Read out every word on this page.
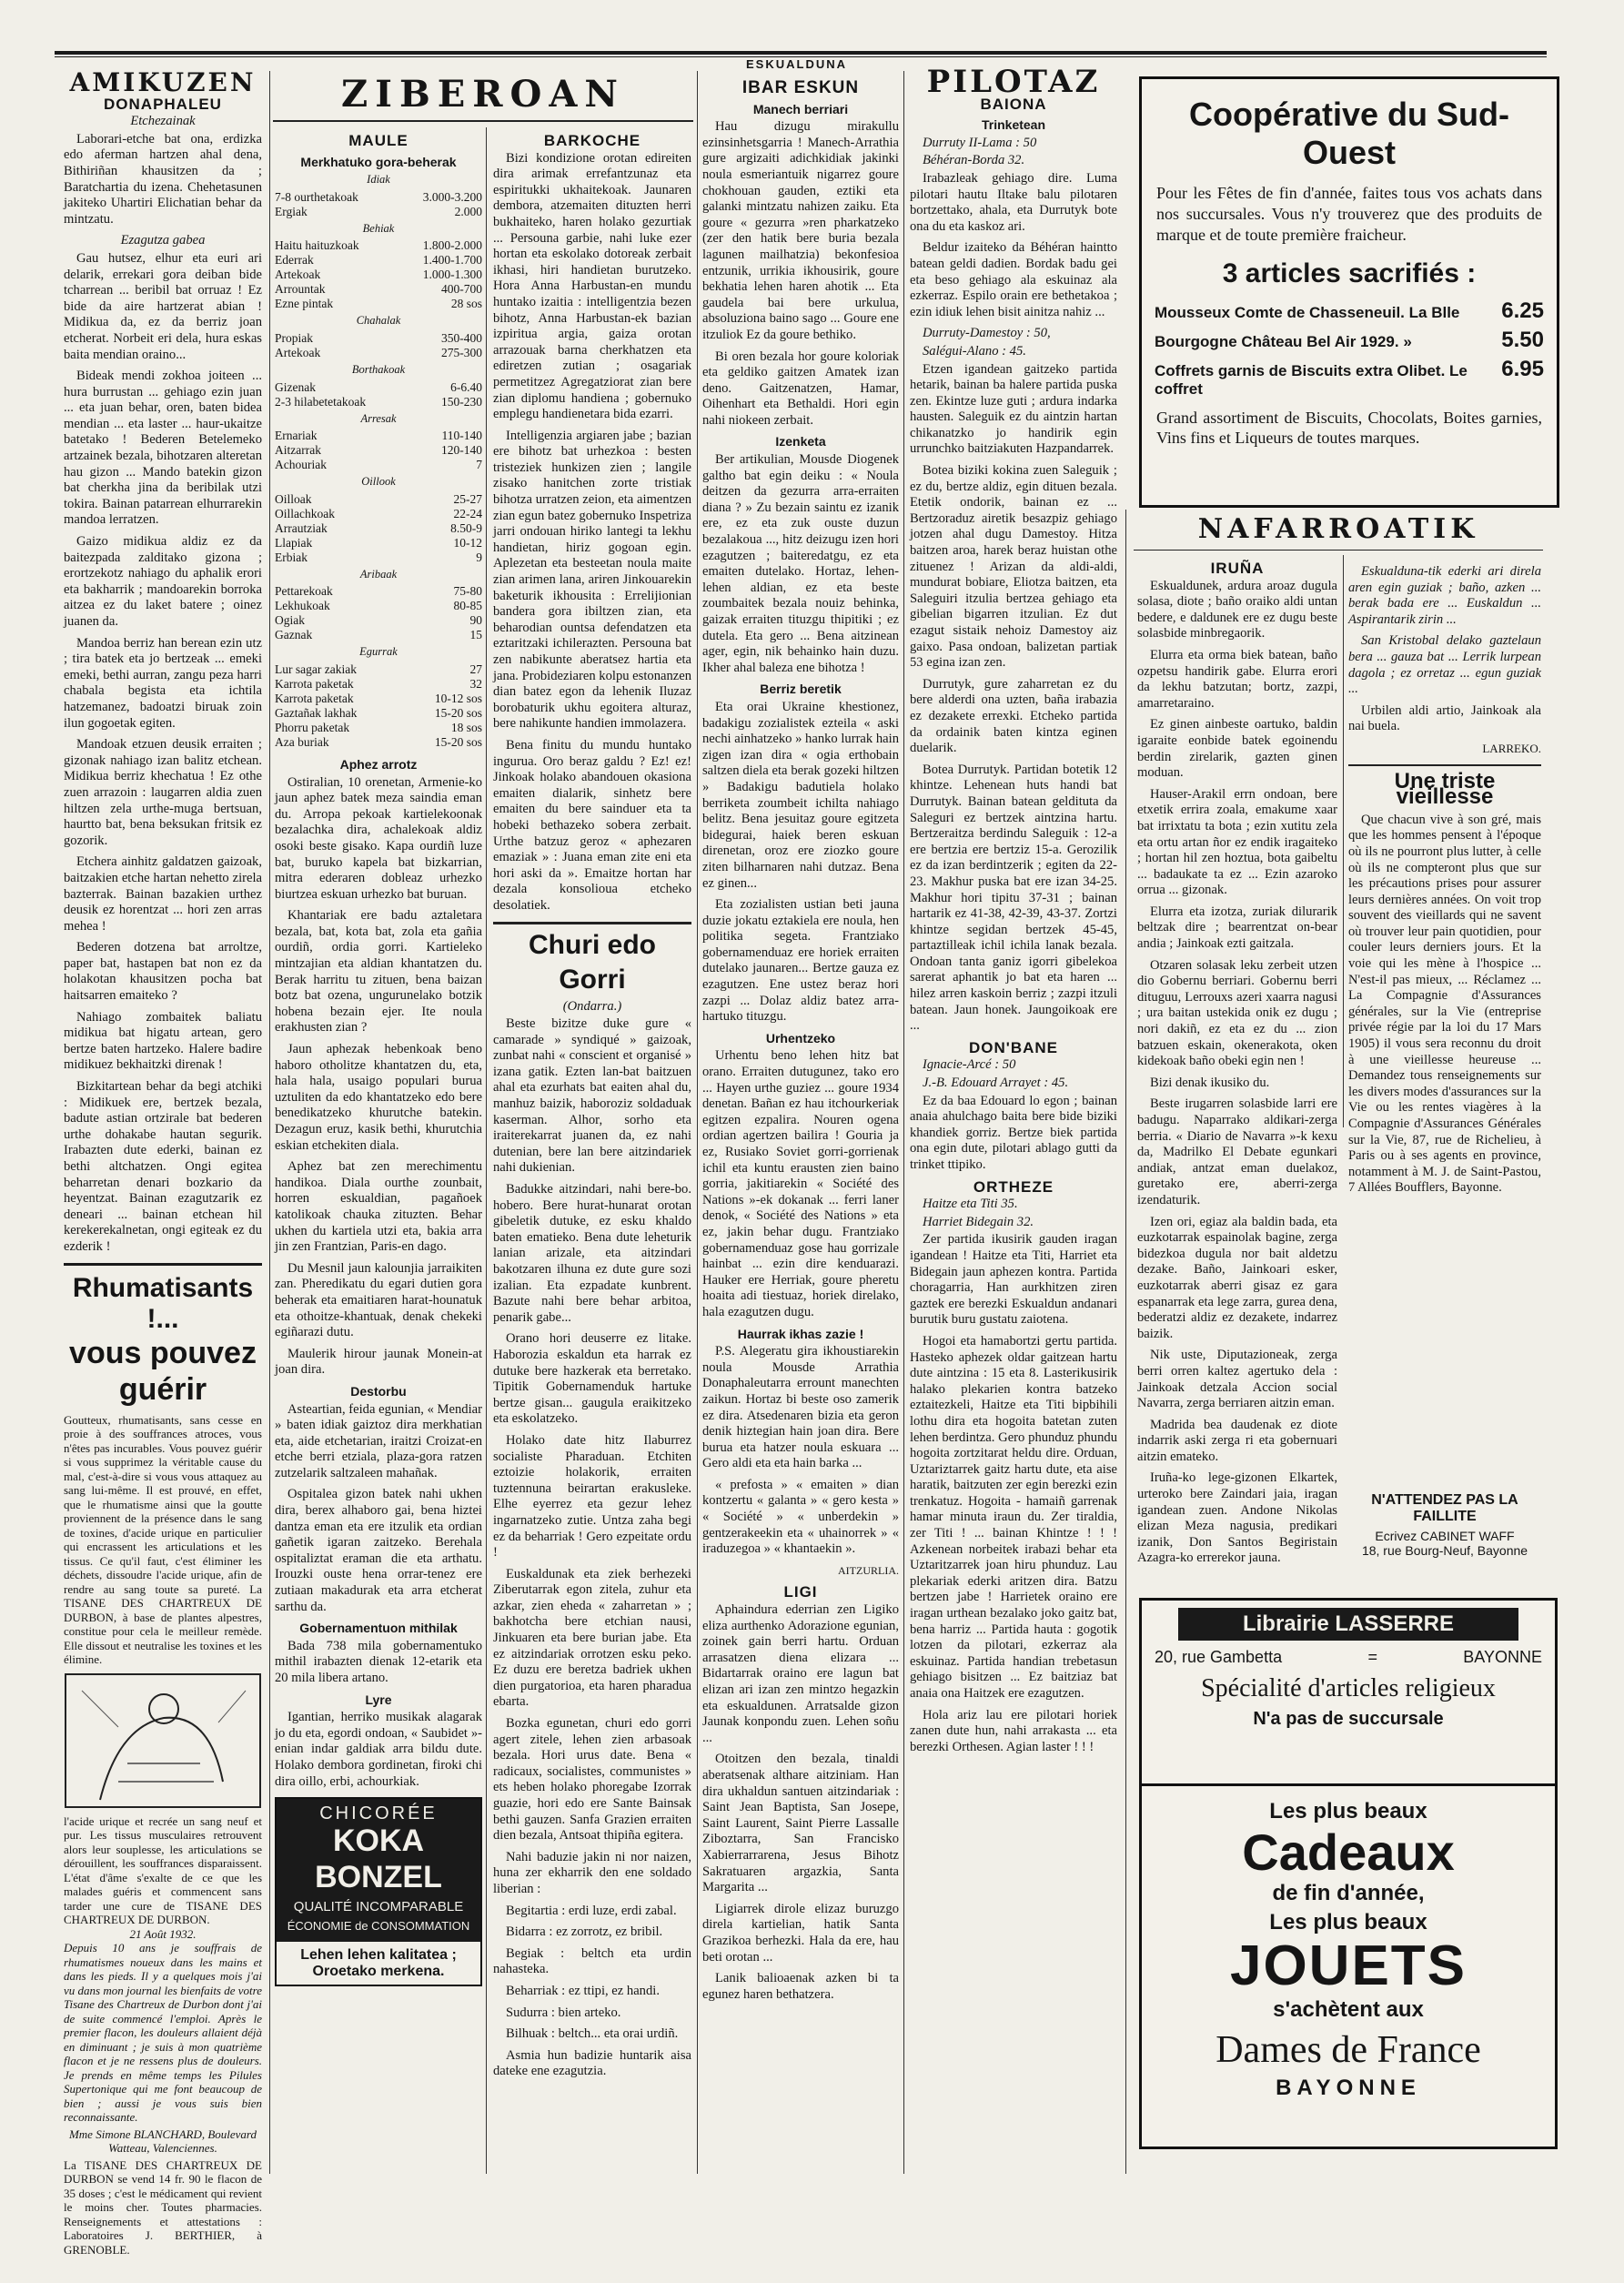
ESKUALDUNA
AMIKUZEN
DONAPHALEU
Etchezainak

Laborari-etche bat ona, erdizka edo aferman hartzen ahal dena, Bithiriñan khausitzen da ; Baratchartia du izena. Chehetasunen jakiteko Uhartiri Elichatian behar da mintzatu.

Ezagutza gabea

Gau hutsez, elhur eta euri ari delarik, errekari gora deiban bide tcharrean ... beribil bat orruaz ! Ez bide da aire hartzerat abian ! Midikua da, ez da berriz joan etcherat. Norbeit eri dela, hura eskas baita mendian oraino...

Bideak mendi zokhoa joiteen ... hura burrustan ... gehiago ezin juan ... eta juan behar, oren, baten bidea mendian ... eta laster ... haur-ukaitze batetako ! Bederen Betelemeko artzainek bezala, bihotzaren alteretan hau gizon ... Mando batekin gizon bat cherkha jina da beribilak utzi tokira. Bainan patarrean elhurrarekin mandoa lerratzen.

Gaizo midikua aldiz ez da baitezpada zalditako gizona ; erortzekotz nahiago du aphalik erori eta bakharrik ; mandoarekin borroka aitzea ez du laket batere ; oinez juanen da.

Mandoa berriz han berean ezin utz ; tira batek eta jo bertzeak ... emeki emeki, bethi aurran, zangu peza harri chabala begista eta ichtila hatzemanez, badoatzi biruak zoin ilun gogoetak egiten.

Mandoak etzuen deusik erraiten ; gizonak nahiago izan balitz etchean. Midikua berriz khechatua ! Ez othe zuen arrazoin : laugarren aldia zuen hiltzen zela urthe-muga bertsuan, haurtto bat, bena beksukan fritsik ez gozorik.

Etchera ainhitz galdatzen gaizoak, baitzakien etche hartan nehetto zirela bazterrak. Bainan bazakien urthez deusik ez horentzat ... hori zen arras mehea !

Bederen dotzena bat arroltze, paper bat, hastapen bat non ez da holakotan khausitzen pocha bat haitsarren emaiteko ?

Nahiago zombaitek baliatu midikua bat higatu artean, gero bertze baten hartzeko. Halere badire midikuez bekhaitzki direnak !

Bizkitartean behar da begi atchiki : Midikuek ere, bertzek bezala, badute astian ortzirale bat bederen urthe dohakabe hautan segurik. Irabazten dute ederki, bainan ez bethi altchatzen. Ongi egitea beharretan denari bozkario da heyentzat. Bainan ezagutzarik ez deneari ... bainan etchean hil kerekerekalnetan, ongi egiteak ez du ezderik !

Rhumatisants !...
vous pouvez guérir
Goutteux, rhumatisants, sans cesse en proie à des souffrances atroces, vous n'êtes pas incurables. Vous pouvez guérir si vous supprimez la véritable cause du mal, c'est-à-dire si vous vous attaquez au sang lui-même. Il est prouvé, en effet, que le rhumatisme ainsi que la goutte proviennent de la présence dans le sang de toxines, d'acide urique en particulier qui encrassent les articulations et les tissus. Ce qu'il faut, c'est éliminer les déchets, dissoudre l'acide urique, afin de rendre au sang toute sa pureté. La TISANE DES CHARTREUX DE DURBON, à base de plantes alpestres, constitue pour cela le meilleur remède. Elle dissout et neutralise les toxines et les élimine.
l'acide urique et recrée un sang neuf et pur. Les tissus musculaires retrouvent alors leur souplesse, les articulations se dérouillent, les souffrances disparaissent. L'état d'âme s'exalte de ce que les malades guéris et commencent sans tarder une cure de TISANE DES CHARTREUX DE DURBON.
21 Août 1932.
Depuis 10 ans je souffrais de rhumatismes noueux dans les mains et dans les pieds. Il y a quelques mois j'ai vu dans mon journal les bienfaits de votre Tisane des Chartreux de Durbon dont j'ai de suite commencé l'emploi. Après le premier flacon, les douleurs allaient déjà en diminuant ; je suis à mon quatrième flacon et je ne ressens plus de douleurs. Je prends en même temps les Pilules Supertonique qui me font beaucoup de bien ; aussi je vous suis bien reconnaissante.
Mme Simone BLANCHARD, Boulevard Watteau, Valenciennes.
La TISANE DES CHARTREUX DE DURBON se vend 14 fr. 90 le flacon de 35 doses ; c'est le médicament qui revient le moins cher. Toutes pharmacies. Renseignements et attestations : Laboratoires J. BERTHIER, à GRENOBLE.
ZIBEROAN
MAULE
Merkhatuko gora-beherak
Idiak
7-8 ourthetakoak	3.000-3.200
Ergiak	2.000
Behiak
Haitu haituzkoak	1.800-2.000
Ederrak	1.400-1.700
Artekoak	1.000-1.300
Arrountak	400-700
Ezne pintak	28 sos
Chahalak
Propiak	350-400
Artekoak	275-300
Borthakoak
Gizenak	6-6.40
2-3 hilabetetakoak	150-230
Arresak
Ernariak	110-140
Aitzarrak	120-140
Achouriak	7
Oillook
Oilloak	25-27
Oillachkoak	22-24
Arrautziak	8.50-9
Llapiak	10-12
Erbiak	9
Aribaak
Pettarekoak	75-80
Lekhukoak	80-85
Ogiak	90
Gaznak	15
Egurrak
Lur sagar zakiak	27
Karrota paketak	32
Karrota paketak	10-12 sos
Gaztañak lakhak	15-20 sos
Phorru paketak	18 sos
Aza buriak	15-20 sos
Aphez arrotz

Ostiralian, 10 orenetan, Armenie-ko jaun aphez batek meza saindia eman du. Arropa pekoak kartielekoonak bezalachka dira, achalekoak aldiz osoki beste gisako. Kapa ourdiñ luze bat, buruko kapela bat bizkarrian, mitra ederaren dobleaz urhezko biurtzea eskuan urhezko bat buruan.

Khantariak ere badu aztaletara bezala, bat, kota bat, zola eta gañia ourdiñ, ordia gorri. Kartieleko mintzajian eta aldian khantatzen du. Berak harritu tu zituen, bena baizan botz bat ozena, ungurunelako botzik hobena bezain ejer. Ite noula erakhusten zian ?

Jaun aphezak hebenkoak beno haboro otholitze khantatzen du, eta, hala hala, usaigo populari burua uztuliten da edo khantatzeko edo bere benedikatzeko khurutche batekin. Dezagun eruz, kasik bethi, khurutchia eskian etchekiten diala.

Aphez bat zen merechimentu handikoa. Diala ourthe zounbait, horren eskualdian, pagañoek katolikoak chauka zituzten. Behar ukhen du kartiela utzi eta, bakia arra jin zen Frantzian, Paris-en dago.

Du Mesnil jaun kalounjia jarraikiten zan. Pheredikatu du egari dutien gora beherak eta emaitiaren harat-hounatuk eta othoitze-khantuak, denak chekeki egiñarazi dutu.

Maulerik hirour jaunak Monein-at joan dira.

Destorbu

Asteartian, feida egunian, « Mendiar » baten idiak gaiztoz dira merkhatian eta, aide etchetarian, iraitzi Croizat-en etche berri etziala, plaza-gora ratzen zutzelarik saltzaleen mahañak.

Ospitalea gizon batek nahi ukhen dira, berex alhaboro gai, bena hiztei dantza eman eta ere itzulik eta ordian gañetik igaran zaitzeko. Berehala ospitaliztat eraman die eta arthatu. Irouzki ouste hena orrar-tenez ere zutiaan makadurak eta arra etcherat sarthu da.

Gobernamentuon mithilak

Bada 738 mila gobernamentuko mithil irabazten dienak 12-etarik eta 20 mila libera artano.

Lyre

Igantian, herriko musikak alagarak jo du eta, egordi ondoan, « Saubidet »-enian indar galdiak arra bildu dute. Holako dembora gordinetan, firoki chi dira oillo, erbi, achourkiak.

CHICORÉE
KOKA BONZEL
QUALITÉ INCOMPARABLE
ÉCONOMIE de CONSOMMATION
Lehen lehen kalitatea ;
Oroetako merkena.
BARKOCHE

Bizi kondizione orotan edireiten dira arimak errefantzunaz eta espiritukki ukhaitekoak. Jaunaren dembora, atzemaiten dituzten herri bukhaiteko, haren holako gezurtiak ... Persouna garbie, nahi luke ezer hortan eta eskolako dotoreak zerbait ikhasi, hiri handietan burutzeko. Hora Anna Harbustan-en mundu huntako izaitia : intelligentzia bezen bihotz, Anna Harbustan-ek bazian izpiritua argia, gaiza orotan arrazouak barna cherkhatzen eta ediretzen zutian ; osagariak permetitzez Agregatziorat zian bere zian diplomu handiena ; gobernuko emplegu handienetara bida ezarri.

Intelligenzia argiaren jabe ; bazian ere bihotz bat urhezkoa : besten tristeziek hunkizen zien ; langile zisako hanitchen zorte tristiak bihotza urratzen zeion, eta aimentzen zian egun batez gobernuko Inspetriza jarri ondouan hiriko lantegi ta lekhu handietan, hiriz gogoan egin. Aplezetan eta besteetan noula maite zian arimen lana, ariren Jinkouarekin baketurik ikhousita : Errelijionian bandera gora ibiltzen zian, eta beharodian ountsa defendatzen eta eztaritzaki ichilerazten. Persouna bat zen nabikunte aberatsez hartia eta jana. Probideziaren kolpu estonanzen dian batez egon da lehenik Iluzaz borobaturik ukhu egoitera alturaz, bere nahikunte handien immolazera.

Bena finitu du mundu huntako ingurua. Oro beraz galdu ? Ez! ez! Jinkoak holako abandouen okasiona emaiten dialarik, sinhetz bere emaiten du bere sainduer eta ta hobeki bethazeko sobera zerbait. Urthe batzuz geroz « aphezaren emaziak » : Juana eman zite eni eta hori aski da ». Emaitze hortan har dezala konsolioua etcheko desolatiek.

Churi edo Gorri
(Ondarra.)

Beste bizitze duke gure « camarade » syndiqué » gaizoak, zunbat nahi « conscient et organisé » izana gatik. Ezten lan-bat baitzuen ahal eta ezurhats bat eaiten ahal du, manhuz baizik, haboroziz soldaduak kaserman. Alhor, sorho eta iraiterekarrat juanen da, ez nahi dutenian, bere lan bere aitzindariek nahi dukienian.

Badukke aitzindari, nahi bere-bo. hobero. Bere hurat-hunarat orotan gibeletik dutuke, ez esku khaldo baten ematieko. Bena dute leheturik lanian arizale, eta aitzindari bakotzaren ilhuna ez dute gure sozi izalian. Eta ezpadate kunbrent. Bazute nahi bere behar arbitoa, penarik gabe...

Orano hori deuserre ez litake. Haborozia eskaldun eta harrak ez dutuke bere hazkerak eta berretako. Tipitik Gobernamenduk hartuke bertze gisan... gaugula eraikitzeko eta eskolatzeko.

Holako date hitz Ilaburrez socialiste Pharaduan. Etchiten eztoizie holakorik, erraiten tuztennuna beirartan erakusleke. Elhe eyerrez eta gezur lehez ingarnatzeko zutie. Untza zaha begi ez da beharriak ! Gero ezpeitate ordu !

Euskaldunak eta ziek berhezeki Ziberutarrak egon zitela, zuhur eta azkar, zien eheda « zaharretan » ; bakhotcha bere etchian nausi, Jinkuaren eta bere burian jabe. Eta ez aitzindariak orrotzen esku peko. Ez duzu ere beretza badriek ukhen dien purgatorioa, eta haren pharadua ebarta.

Bozka egunetan, churi edo gorri agert zitele, lehen zien arbasoak bezala. Hori urus date. Bena « radicaux, socialistes, communistes » ets heben holako phoregabe Izorrak guazie, hori edo ere Sante Bainsak bethi gauzen. Sanfa Grazien erraiten dien bezala, Antsoat thipiña egitera.

Nahi baduzie jakin ni nor naizen, huna zer ekharrik den ene soldado liberian :

Begitartia : erdi luze, erdi zabal.

Bidarra : ez zorrotz, ez bribil.

Begiak : beltch eta urdin nahasteka.

Beharriak : ez ttipi, ez handi.

Sudurra : bien arteko.

Bilhuak : beltch... eta orai urdiñ.

Asmia hun badizie huntarik aisa dateke ene ezagutzia.

IBAR ESKUN
Manech berriari

Hau dizugu mirakullu ezinsinhetsgarria ! Manech-Arrathia gure argizaiti adichkidiak jakinki noula esmeriantuik nigarrez goure chokhouan gauden, eztiki eta galanki mintzatu nahizen zaiku. Eta goure « gezurra »ren pharkatzeko (zer den hatik bere buria bezala lagunen mailhatzia) bekonfesioa entzunik, urrikia ikhousirik, goure bekhatia lehen haren ahotik ... Eta gaudela bai bere urkulua, absoluziona baino sago ... Goure ene itzuliok Ez da goure bethiko.

Bi oren bezala hor goure koloriak eta geldiko gaitzen Amatek izan deno. Gaitzenatzen, Hamar, Oihenhart eta Bethaldi. Hori egin nahi niokeen zerbait.

Izenketa

Ber artikulian, Mousde Diogenek galtho bat egin deiku : « Noula deitzen da gezurra arra-erraiten diana ? » Zu bezain saintu ez izanik ere, ez eta zuk ouste duzun bezalakoua ..., hitz deizugu izen hori ezagutzen ; baiteredatgu, ez eta emaiten dutelako. Hortaz, lehen-lehen aldian, ez eta beste zoumbaitek bezala nouiz behinka, gaizak erraiten tituzgu thipitiki ; ez dutela. Eta gero ... Bena aitzinean ager, egin, nik behainko hain duzu. Ikher ahal baleza ene bihotza !

Berriz beretik

Eta orai Ukraine khestionez, badakigu zozialistek ezteila « aski nechi ainhatzeko » hanko lurrak hain zigen izan dira « ogia erthobain saltzen diela eta berak gozeki hiltzen » Badakigu badutiela holako berriketa zoumbeit ichilta nahiago belitz. Bena jesuitaz goure egitzeta bidegurai, haiek beren eskuan direnetan, oroz ere ziozko goure ziten bilharnaren nahi dutzaz. Bena ez ginen...

Eta zozialisten ustian beti jauna duzie jokatu eztakiela ere noula, hen politika segeta. Frantziako gobernamenduaz ere horiek erraiten dutelako jaunaren... Bertze gauza ez ezagutzen. Ene ustez beraz hori zazpi ... Dolaz aldiz batez arra-hartuko tituzgu.

Urhentzeko

Urhentu beno lehen hitz bat orano. Erraiten dutugunez, tako ero ... Hayen urthe guziez ... goure 1934 denetan. Bañan ez hau itchourkeriak egitzen ezpalira. Nouren ogena ordian agertzen bailira ! Gouria ja ez, Rusiako Soviet gorri-gorrienak ichil eta kuntu erausten zien baino gorria, jakitiarekin « Société des Nations »-ek dokanak ... ferri laner denok, « Société des Nations » eta ez, jakin behar dugu. Frantziako gobernamenduaz gose hau gorrizale hainbat ... ezin dire kenduarazi. Hauker ere Herriak, goure pheretu hoaita adi tiestuaz, horiek direlako, hala ezagutzen dugu.

Haurrak ikhas zazie !

P.S. Alegeratu gira ikhoustiarekin noula Mousde Arrathia Donaphaleutarra errount manechten zaikun. Hortaz bi beste oso zamerik ez dira. Atsedenaren bizia eta geron denik hiztegian hain joan dira. Bere burua eta hatzer noula eskuara ... Gero aldi eta eta hain barka ...

« prefosta » « emaiten » dian kontzertu « galanta » « gero kesta » « Société » « unberdekin » gentzerakeekin eta « uhainorrek » « iraduzegoa » « khantaekin ».

AITZURLIA.
LIGI

Aphaindura ederrian zen Ligiko eliza aurthenko Adorazione egunian, zoinek gain berri hartu. Orduan arrasatzen diena elizara ... Bidartarrak oraino ere lagun bat elizan ari izan zen mintzo hegazkin eta eskualdunen. Arratsalde gizon Jaunak konpondu zuen. Lehen soñu ...

Otoitzen den bezala, tinaldi aberatsenak althare aitziniam. Han dira ukhaldun santuen aitzindariak : Saint Jean Baptista, San Josepe, Saint Laurent, Saint Pierre Lassalle Ziboztarra, San Francisko Xabierrarrarena, Jesus Bihotz Sakratuaren argazkia, Santa Margarita ...

Ligiarrek dirole elizaz buruzgo direla kartielian, hatik Santa Grazikoa berhezki. Hala da ere, hau beti orotan ...

Lanik balioaenak azken bi ta egunez haren bethatzera.

PILOTAZ
BAIONA
Trinketean
Durruty II-Lama : 50
Béhéran-Borda 32.

Irabazleak gehiago dire. Luma pilotari hautu Iltake balu pilotaren bortzettako, ahala, eta Durrutyk bote ona du eta kaskoz ari.

Beldur izaiteko da Béhéran haintto batean geldi dadien. Bordak badu gei eta beso gehiago ala eskuinaz ala ezkerraz. Espilo orain ere bethetakoa ; ezin idiuk lehen bisit ainitza nahiz ...

Durruty-Damestoy : 50,
Salégui-Alano : 45.

Etzen igandean gaitzeko partida hetarik, bainan ba halere partida puska zen. Ekintze luze guti ; ardura indarka hausten. Saleguik ez du aintzin hartan chikanatzko jo handirik egin urrunchko baitziakuten Hazpandarrek.

Botea biziki kokina zuen Saleguik ; ez du, bertze aldiz, egin dituen bezala. Etetik ondorik, bainan ez ... Bertzoraduz airetik besazpiz gehiago jotzen ahal dugu Damestoy. Hitza baitzen aroa, harek beraz huistan othe zituenez ! Arizan da aldi-aldi, mundurat bobiare, Eliotza baitzen, eta Saleguiri itzulia bertzea gehiago eta gibelian bigarren itzulian. Ez dut ezagut sistaik nehoiz Damestoy aiz gaixo. Pasa ondoan, balizetan partiak 53 egina izan zen.

Durrutyk, gure zaharretan ez du bere alderdi ona uzten, baña irabazia ez dezakete errexki. Etcheko partida da ordainik baten kintza eginen duelarik.

Botea Durrutyk. Partidan botetik 12 khintze. Lehenean huts handi bat Durrutyk. Bainan batean geldituta da Saleguri ez bertzek aintzina hartu. Bertzeraitza berdindu Saleguik : 12-a ere bertzia ere bertziz 15-a. Gerozilik ez da izan berdintzerik ; egiten da 22-23. Makhur puska bat ere izan 34-25. Makhur hori tipitu 37-31 ; bainan hartarik ez 41-38, 42-39, 43-37. Zortzi khintze segidan bertzek 45-45, partaztilleak ichil ichila lanak bezala. Ondoan tanta ganiz igorri gibelekoa sarerat aphantik jo bat eta haren ... hilez arren kaskoin berriz ; zazpi itzuli batean. Jaun honek. Jaungoikoak ere ...

DON'BANE
Ignacie-Arcé : 50
J.-B. Edouard Arrayet : 45.

Ez da baa Edouard lo egon ; bainan anaia ahulchago baita bere bide biziki khandiek gorriz. Bertze biek partida ona egin dute, pilotari ablago gutti da trinket ttipiko.

ORTHEZE
Haitze eta Titi 35.
Harriet Bidegain 32.

Zer partida ikusirik gauden iragan igandean ! Haitze eta Titi, Harriet eta Bidegain jaun aphezen kontra. Partida choragarria, Han aurkhitzen ziren gaztek ere berezki Eskualdun andanari burutik buru gustatu zaiotena.

Hogoi eta hamabortzi gertu partida. Hasteko aphezek oldar gaitzean hartu dute aintzina : 15 eta 8. Lasterikusirik halako plekarien kontra batzeko eztaitezkeli, Haitze eta Titi bipbihili lothu dira eta hogoita batetan zuten lehen berdintza. Gero phunduz phundu hogoita zortzitarat heldu dire. Orduan, Uztariztarrek gaitz hartu dute, eta aise haratik, baitzuten zer egin berezki ezin trenkatuz. Hogoita - hamaiñ garrenak hamar minuta iraun du. Zer tiraldia, zer Titi ! ... bainan Khintze ! ! ! Azkenean norbeitek irabazi behar eta Uztaritzarrek joan hiru phunduz. Lau plekariak ederki aritzen dira. Batzu bertzen jabe ! Harrietek oraino ere iragan urthean bezalako joko gaitz bat, bena harriz ... Partida hauta : gogotik lotzen da pilotari, ezkerraz ala eskuinaz. Partida handian trebetasun gehiago bisitzen ... Ez baitziaz bat anaia ona Haitzek ere ezagutzen.

Hola ariz lau ere pilotari horiek zanen dute hun, nahi arrakasta ... eta berezki Orthesen. Agian laster ! ! !

Coopérative du Sud-Ouest
Pour les Fêtes de fin d'année, faites tous vos achats dans nos succursales. Vous n'y trouverez que des produits de marque et de toute première fraicheur.
3 articles sacrifiés :
Mousseux Comte de Chasseneuil. La Blle 6.25
Bourgogne Château Bel Air 1929. »	5.50
Coffrets garnis de Biscuits extra Olibet. Le coffret
6.95
Grand assortiment de Biscuits, Chocolats, Boites garnies, Vins fins et Liqueurs de toutes marques.
NAFARROATIK
IRUÑA

Eskualdunek, ardura aroaz dugula solasa, diote ; baño oraiko aldi untan bedere, e daldunek ere ez dugu beste solasbide minbregaorik.

Elurra eta orma biek batean, baño ozpetsu handirik gabe. Elurra erori da lekhu batzutan; bortz, zazpi, amarretaraino.

Ez ginen ainbeste oartuko, baldin igaraite eonbide batek egoinendu berdin zirelarik, gazten ginen moduan.

Hauser-Arakil errn ondoan, bere etxetik errira zoala, emakume xaar bat irrixtatu ta bota ; ezin xutitu zela eta ortu artan ñor ez endik iragaiteko ; hortan hil zen hoztua, bota gaibeltu ... badaukate ta ez ... Ezin azaroko orrua ... gizonak.

Elurra eta izotza, zuriak dilurarik beltzak dire ; bearrentzat on-bear andia ; Jainkoak ezti gaitzala.

Otzaren solasak leku zerbeit utzen dio Gobernu berriari. Gobernu berri dituguu, Lerrouxs azeri xaarra nagusi ; ura baitan ustekida onik ez dugu ; nori dakiñ, ez eta ez du ... zion batzuen eskain, okenerakota, oken kidekoak baño obeki egin nen !

Bizi denak ikusiko du.

Beste irugarren solasbide larri ere badugu. Naparrako aldikari-zerga berria. « Diario de Navarra »-k kexu da, Madrilko El Debate egunkari andiak, antzat eman duelakoz, guretako ere, aberri-zerga izendaturik.

Izen ori, egiaz ala baldin bada, eta euzkotarrak espainolak bagine, zerga bidezkoa dugula nor bait aldetzu dezake. Baño, Jainkoari esker, euzkotarrak aberri gisaz ez gara espanarrak eta lege zarra, gurea dena, bederatzi aldiz ez dezakete, indarrez baizik.

Nik uste, Diputazioneak, zerga berri orren kaltez agertuko dela : Jainkoak detzala Accion social Navarra, zerga berriaren aitzin eman.

Madrida bea daudenak ez diote indarrik aski zerga ri eta gobernuari aitzin emateko.

Iruña-ko lege-gizonen Elkartek, urteroko bere Zaindari jaia, iragan igandean zuen. Andone Nikolas elizan Meza nagusia, predikari izanik, Don Santos Begiristain Azagra-ko errerekor jauna.

Eskualduna-tik ederki ari direla aren egin guziak ; baño, azken ... berak bada ere ... Euskaldun ... Aspirantarik zirin ...

San Kristobal delako gaztelaun bera ... gauza bat ... Lerrik lurpean dagola ; ez orretaz ... egun guziak ...

Urbilen aldi artio, Jainkoak ala nai buela.

LARREKO.
Une triste vieillesse

Que chacun vive à son gré, mais que les hommes pensent à l'époque où ils ne pourront plus lutter, à celle où ils ne compteront plus que sur les précautions prises pour assurer leurs dernières années. On voit trop souvent des vieillards qui ne savent où trouver leur pain quotidien, pour couler leurs derniers jours. Et la voie qui les mène à l'hospice ... N'est-il pas mieux, ... Réclamez ... La Compagnie d'Assurances générales, sur la Vie (entreprise privée régie par la loi du 17 Mars 1905) il vous sera reconnu du droit à une vieillesse heureuse ... Demandez tous renseignements sur les divers modes d'assurances sur la Vie ou les rentes viagères à la Compagnie d'Assurances Générales sur la Vie, 87, rue de Richelieu, à Paris ou à ses agents en province, notamment à M. J. de Saint-Pastou, 7 Allées Boufflers, Bayonne.

N'ATTENDEZ PAS LA FAILLITE
Ecrivez CABINET WAFF
18, rue Bourg-Neuf, Bayonne
Librairie LASSERRE
20, rue Gambetta	=	BAYONNE
Spécialité d'articles religieux
N'a pas de succursale
Les plus beaux
Cadeaux
de fin d'année,
Les plus beaux
JOUETS
s'achètent aux
Dames de France
BAYONNE
